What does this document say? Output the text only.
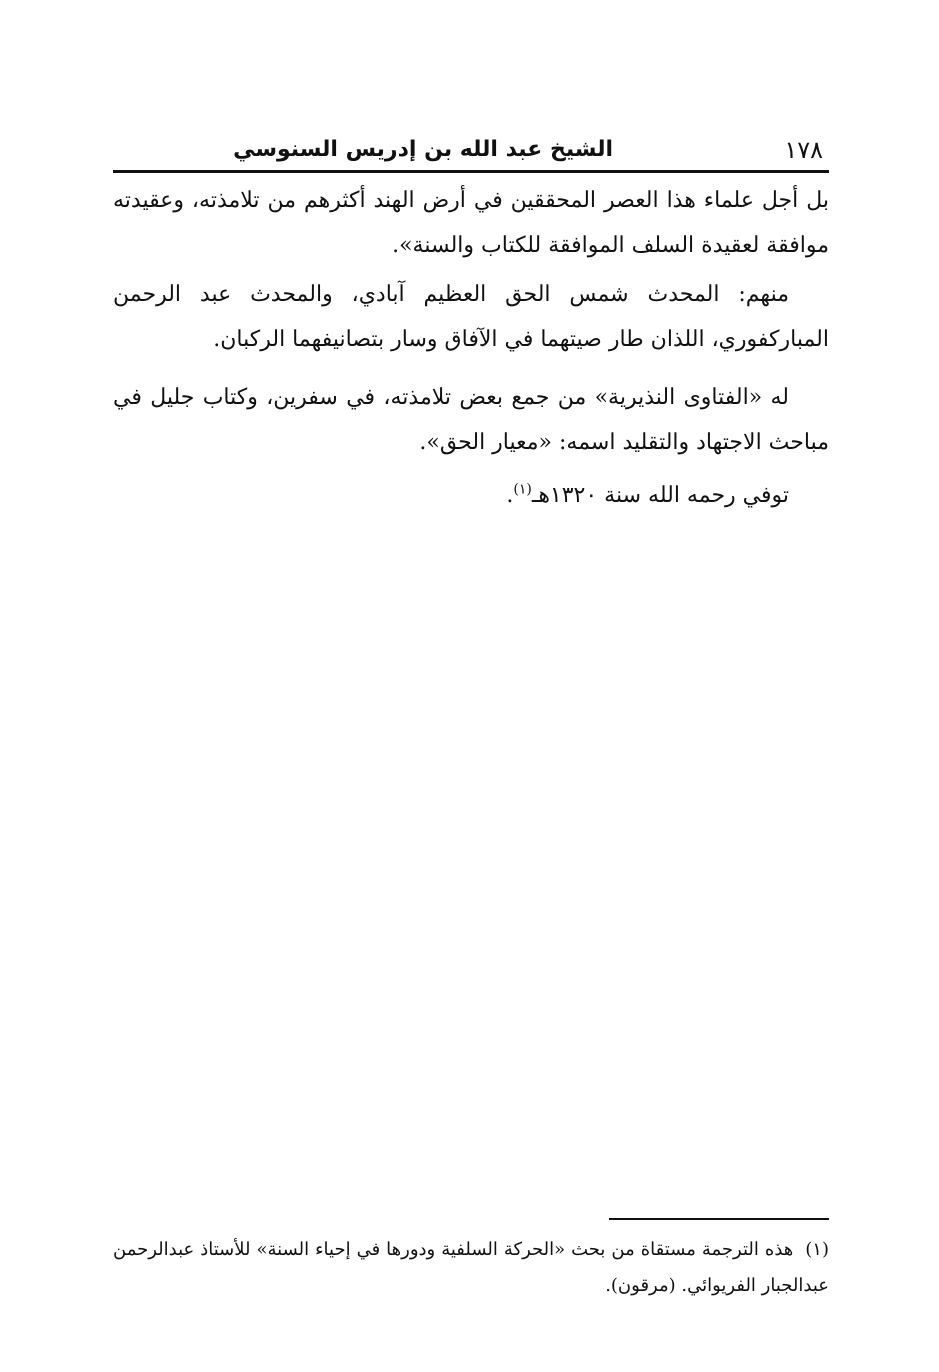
١٧٨
الشيخ عبد الله بن إدريس السنوسي

بل أجل علماء هذا العصر المحققين في أرض الهند أكثرهم من تلامذته، وعقيدته موافقة لعقيدة السلف الموافقة للكتاب والسنة».

منهم: المحدث شمس الحق العظيم آبادي، والمحدث عبد الرحمن المباركفوري، اللذان طار صيتهما في الآفاق وسار بتصانيفهما الركبان.

له «الفتاوى النذيرية» من جمع بعض تلامذته، في سفرين، وكتاب جليل في مباحث الاجتهاد والتقليد اسمه: «معيار الحق».

توفي رحمه الله سنة ١٣٢٠هـ$^{(١)}$.

(١)هذه الترجمة مستقاة من بحث «الحركة السلفية ودورها في إحياء السنة» للأستاذ عبدالرحمن عبدالجبار الفريوائي. (مرقون).
